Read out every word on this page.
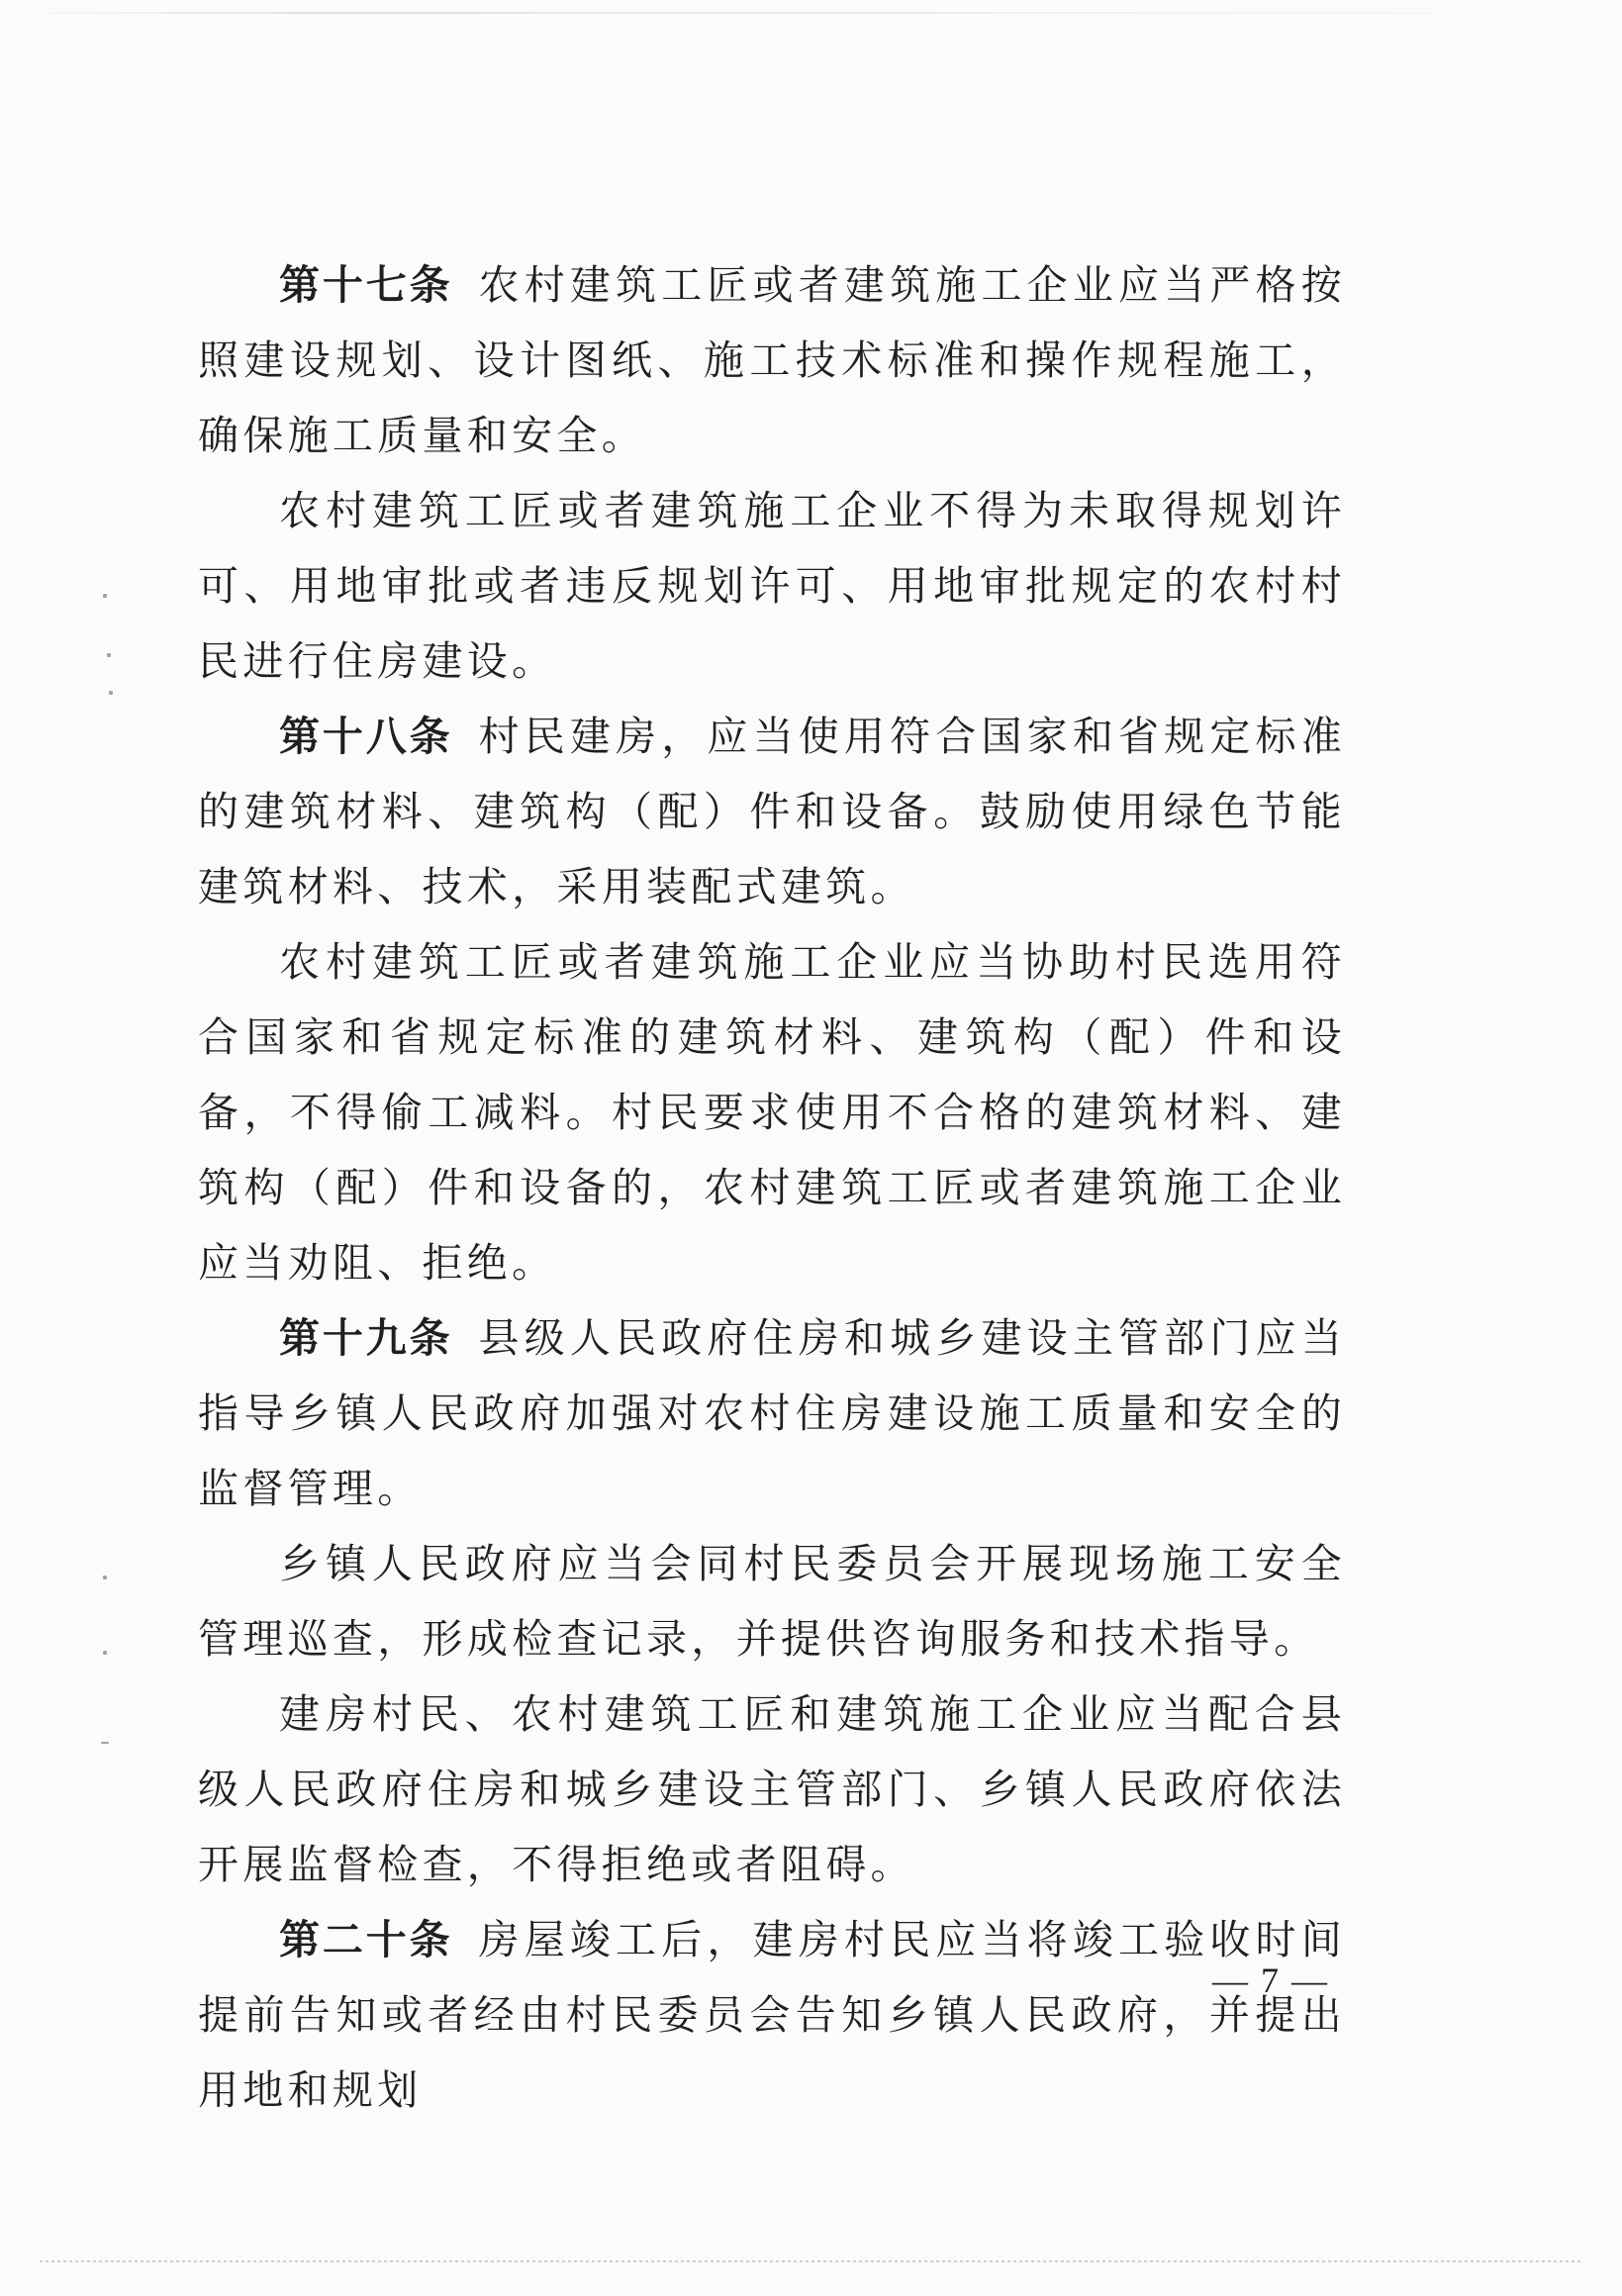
第十七条 农村建筑工匠或者建筑施工企业应当严格按照建设规划、设计图纸、施工技术标准和操作规程施工，确保施工质量和安全。

农村建筑工匠或者建筑施工企业不得为未取得规划许可、用地审批或者违反规划许可、用地审批规定的农村村民进行住房建设。

第十八条 村民建房，应当使用符合国家和省规定标准的建筑材料、建筑构（配）件和设备。鼓励使用绿色节能建筑材料、技术，采用装配式建筑。

农村建筑工匠或者建筑施工企业应当协助村民选用符合国家和省规定标准的建筑材料、建筑构（配）件和设备，不得偷工减料。村民要求使用不合格的建筑材料、建筑构（配）件和设备的，农村建筑工匠或者建筑施工企业应当劝阻、拒绝。

第十九条 县级人民政府住房和城乡建设主管部门应当指导乡镇人民政府加强对农村住房建设施工质量和安全的监督管理。

乡镇人民政府应当会同村民委员会开展现场施工安全管理巡查，形成检查记录，并提供咨询服务和技术指导。

建房村民、农村建筑工匠和建筑施工企业应当配合县级人民政府住房和城乡建设主管部门、乡镇人民政府依法开展监督检查，不得拒绝或者阻碍。

第二十条 房屋竣工后，建房村民应当将竣工验收时间提前告知或者经由村民委员会告知乡镇人民政府，并提出用地和规划

— 7 —
